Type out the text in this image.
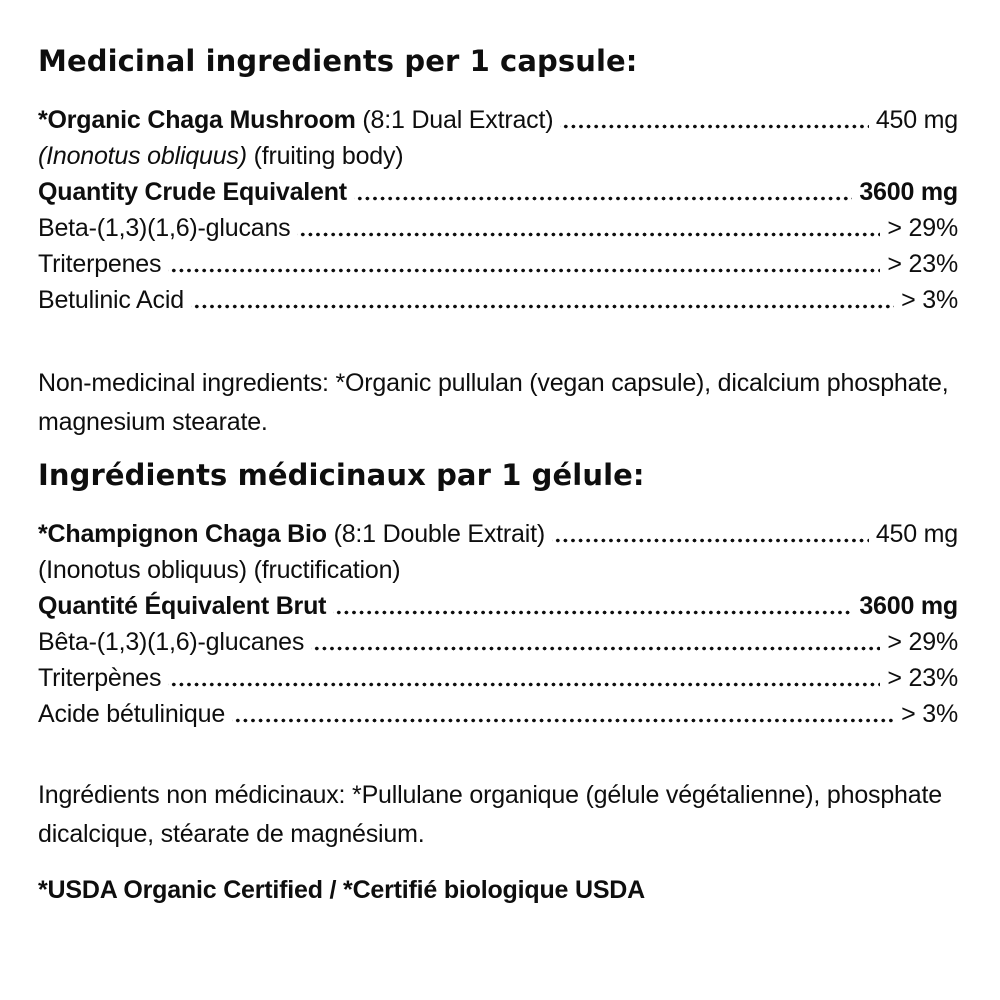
Medicinal ingredients per 1 capsule:
*Organic Chaga Mushroom (8:1 Dual Extract)	450 mg
(Inonotus obliquus) (fruiting body)
Quantity Crude Equivalent	3600 mg
Beta-(1,3)(1,6)-glucans	> 29%
Triterpenes	> 23%
Betulinic Acid	> 3%

Non-medicinal ingredients: *Organic pullulan (vegan capsule), dicalcium phosphate, magnesium stearate.

Ingrédients médicinaux par 1 gélule:
*Champignon Chaga Bio (8:1 Double Extrait)	450 mg
(Inonotus obliquus) (fructification)
Quantité Équivalent Brut	3600 mg
Bêta-(1,3)(1,6)-glucanes	> 29%
Triterpènes	> 23%
Acide bétulinique	> 3%

Ingrédients non médicinaux: *Pullulane organique (gélule végétalienne), phosphate dicalcique, stéarate de magnésium.

*USDA Organic Certified / *Certifié biologique USDA
